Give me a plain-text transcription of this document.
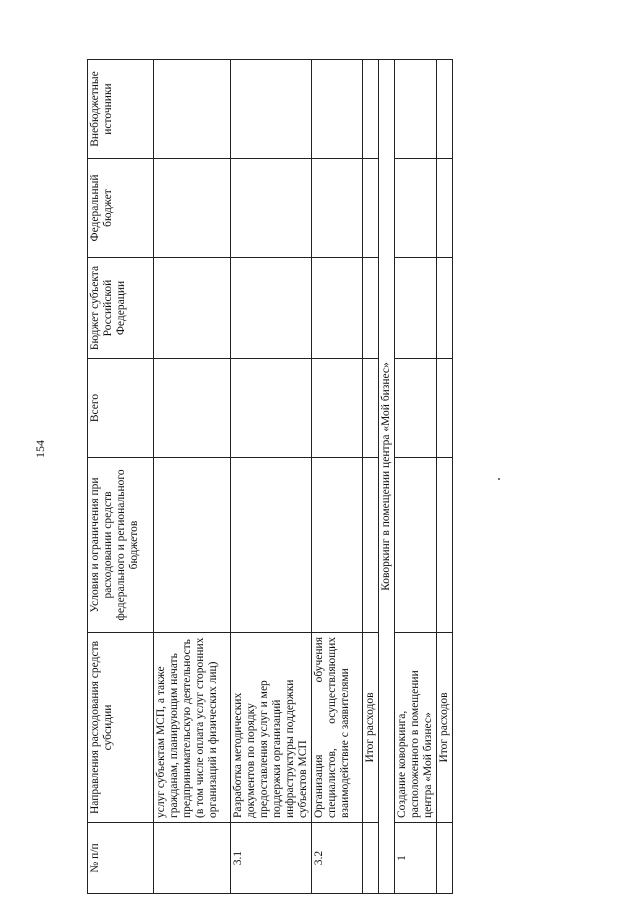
154
№ п/п	Направления расходования средств субсидии	Условия и ограничения при расходовании средств федерального и регионального бюджетов	Всего	Бюджет субъекта Российской Федерации	Федеральный бюджет	Внебюджетные источники
	услуг субъектам МСП, а также гражданам, планирующим начать предпринимательскую деятельность (в том числе оплата услуг сторонних организаций и физических лиц)					
3.1	Разработка методических документов по порядку предоставления услуг и мер поддержки организаций инфраструктуры поддержки субъектов МСП					
3.2	Организация обучения специалистов, осуществляющих взаимодействие с заявителями					
	Итог расходов					
Коворкинг в помещении центра «Мой бизнес»						
1	Создание коворкинга, расположенного в помещении центра «Мой бизнес»					
	Итог расходов					
